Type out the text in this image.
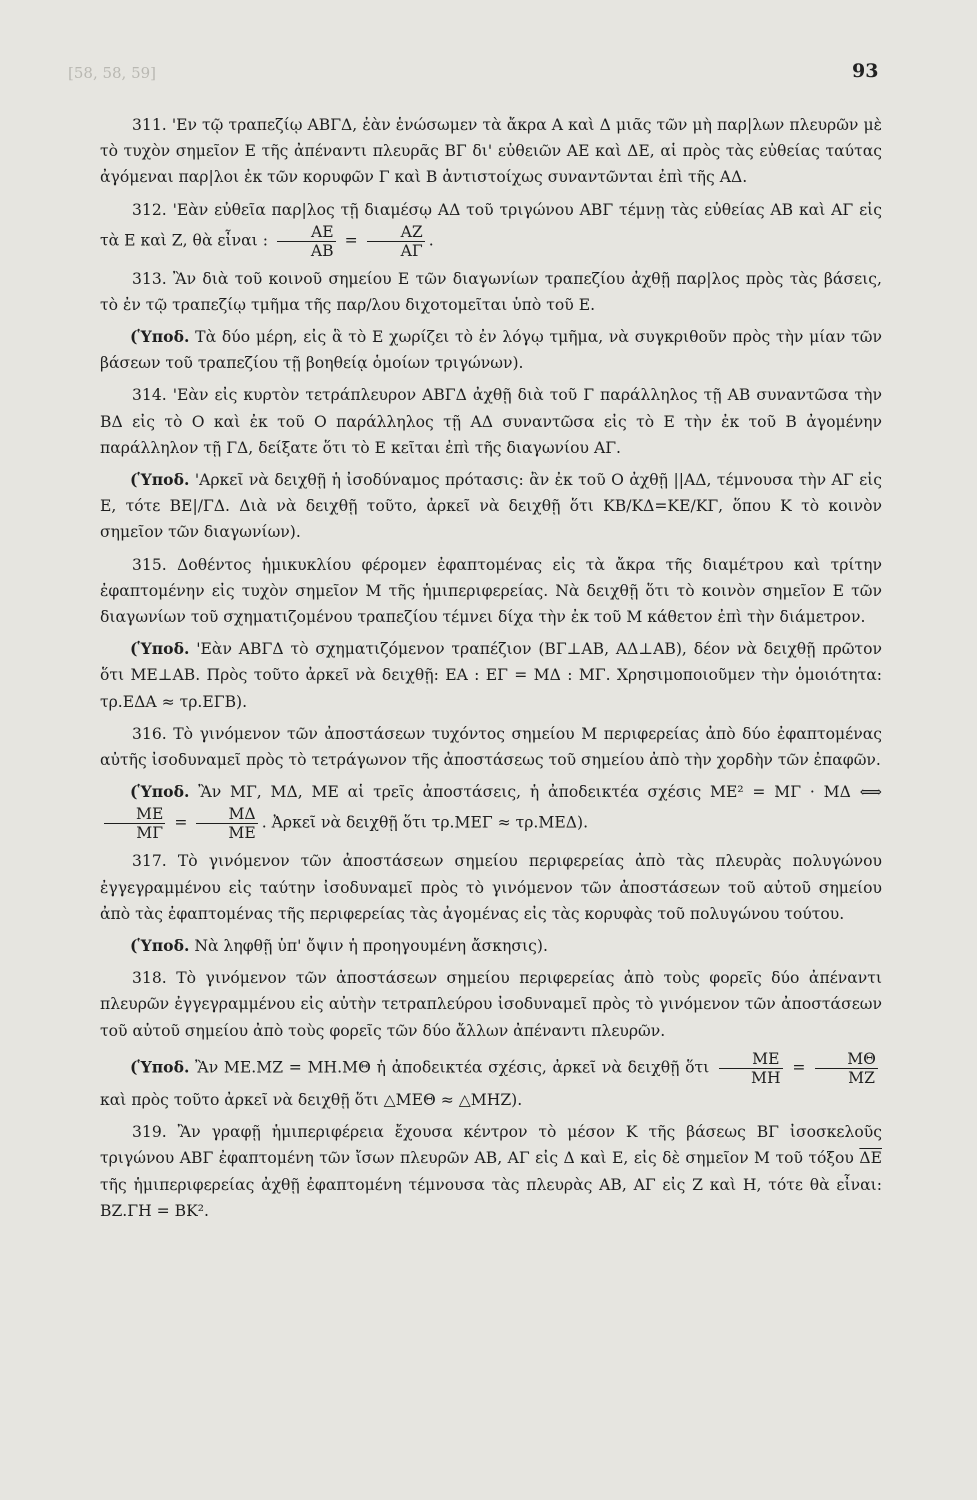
[58, 58, 59]	93

311. 'Εν τῷ τραπεζίῳ ΑΒΓΔ, ἐὰν ἑνώσωμεν τὰ ἄκρα Α καὶ Δ μιᾶς τῶν μὴ παρ|λων πλευρῶν μὲ τὸ τυχὸν σημεῖον Ε τῆς ἀπέναντι πλευρᾶς ΒΓ δι' εὐθειῶν ΑΕ καὶ ΔΕ, αἱ πρὸς τὰς εὐθείας ταύτας ἀγόμεναι παρ|λοι ἐκ τῶν κορυφῶν Γ καὶ Β ἀντιστοίχως συναντῶνται ἐπὶ τῆς ΑΔ.

312. 'Εὰν εὐθεῖα παρ|λος τῇ διαμέσῳ ΑΔ τοῦ τριγώνου ΑΒΓ τέμνῃ τὰς εὐθείας ΑΒ καὶ ΑΓ εἰς τὰ Ε καὶ Ζ, θὰ εἶναι : $\frac{AE}{AB} = \frac{AZ}{A\Gamma}$ .

313. Ἂν διὰ τοῦ κοινοῦ σημείου Ε τῶν διαγωνίων τραπεζίου ἀχθῇ παρ|λος πρὸς τὰς βάσεις, τὸ ἐν τῷ τραπεζίῳ τμῆμα τῆς παρ/λου διχοτομεῖται ὑπὸ τοῦ Ε.

(Ὑποδ. Τὰ δύο μέρη, εἰς ἃ τὸ Ε χωρίζει τὸ ἐν λόγῳ τμῆμα, νὰ συγκριθοῦν πρὸς τὴν μίαν τῶν βάσεων τοῦ τραπεζίου τῇ βοηθείᾳ ὁμοίων τριγώνων).

314. 'Εὰν εἰς κυρτὸν τετράπλευρον ΑΒΓΔ ἀχθῇ διὰ τοῦ Γ παράλληλος τῇ ΑΒ συναντῶσα τὴν ΒΔ εἰς τὸ Ο καὶ ἐκ τοῦ Ο παράλληλος τῇ ΑΔ συναντῶσα εἰς τὸ Ε τὴν ἐκ τοῦ Β ἀγομένην παράλληλον τῇ ΓΔ, δείξατε ὅτι τὸ Ε κεῖται ἐπὶ τῆς διαγωνίου ΑΓ.

(Ὑποδ. 'Αρκεῖ νὰ δειχθῇ ἡ ἰσοδύναμος πρότασις: ἂν ἐκ τοῦ Ο ἀχθῇ ||ΑΔ, τέμνουσα τὴν ΑΓ εἰς Ε, τότε ΒΕ|/ΓΔ. Διὰ νὰ δειχθῇ τοῦτο, ἀρκεῖ νὰ δειχθῇ ὅτι ΚΒ/ΚΔ=ΚΕ/ΚΓ, ὅπου Κ τὸ κοινὸν σημεῖον τῶν διαγωνίων).

315. Δοθέντος ἡμικυκλίου φέρομεν ἐφαπτομένας εἰς τὰ ἄκρα τῆς διαμέτρου καὶ τρίτην ἐφαπτομένην εἰς τυχὸν σημεῖον Μ τῆς ἡμιπεριφερείας. Νὰ δειχθῇ ὅτι τὸ κοινὸν σημεῖον Ε τῶν διαγωνίων τοῦ σχηματιζομένου τραπεζίου τέμνει δίχα τὴν ἐκ τοῦ Μ κάθετον ἐπὶ τὴν διάμετρον.

(Ὑποδ. 'Εὰν ΑΒΓΔ τὸ σχηματιζόμενον τραπέζιον (ΒΓ⊥ΑΒ, ΑΔ⊥ΑΒ), δέον νὰ δειχθῇ πρῶτον ὅτι ΜΕ⊥ΑΒ. Πρὸς τοῦτο ἀρκεῖ νὰ δειχθῇ: ΕΑ : ΕΓ = ΜΔ : ΜΓ. Χρησιμοποιοῦμεν τὴν ὁμοιότητα: τρ.ΕΔΑ ≈ τρ.ΕΓΒ).

316. Τὸ γινόμενον τῶν ἀποστάσεων τυχόντος σημείου Μ περιφερείας ἀπὸ δύο ἐφαπτομένας αὐτῆς ἰσοδυναμεῖ πρὸς τὸ τετράγωνον τῆς ἀποστάσεως τοῦ σημείου ἀπὸ τὴν χορδὴν τῶν ἐπαφῶν.

(Ὑποδ. Ἂν ΜΓ, ΜΔ, ΜΕ αἱ τρεῖς ἀποστάσεις, ἡ ἀποδεικτέα σχέσις ΜΕ² = ΜΓ · ΜΔ ⟺
$\frac{ME}{M\Gamma} = \frac{M\Delta}{ME}$ . Ἀρκεῖ νὰ δειχθῇ ὅτι τρ.ΜΕΓ ≈ τρ.ΜΕΔ).

317. Τὸ γινόμενον τῶν ἀποστάσεων σημείου περιφερείας ἀπὸ τὰς πλευρὰς πολυγώνου ἐγγεγραμμένου εἰς ταύτην ἰσοδυναμεῖ πρὸς τὸ γινόμενον τῶν ἀποστάσεων τοῦ αὐτοῦ σημείου ἀπὸ τὰς ἐφαπτομένας τῆς περιφερείας τὰς ἀγομένας εἰς τὰς κορυφὰς τοῦ πολυγώνου τούτου.

(Ὑποδ. Νὰ ληφθῇ ὑπ' ὄψιν ἡ προηγουμένη ἄσκησις).

318. Τὸ γινόμενον τῶν ἀποστάσεων σημείου περιφερείας ἀπὸ τοὺς φορεῖς δύο ἀπέναντι πλευρῶν ἐγγεγραμμένου εἰς αὐτὴν τετραπλεύρου ἰσοδυναμεῖ πρὸς τὸ γινόμενον τῶν ἀποστάσεων τοῦ αὐτοῦ σημείου ἀπὸ τοὺς φορεῖς τῶν δύο ἄλλων ἀπέναντι πλευρῶν.

(Ὑποδ. Ἂν ΜΕ.ΜΖ = ΜΗ.ΜΘ ἡ ἀποδεικτέα σχέσις, ἀρκεῖ νὰ δειχθῇ ὅτι $\frac{ME}{MH} = \frac{M\Theta}{MZ}$
καὶ πρὸς τοῦτο ἀρκεῖ νὰ δειχθῇ ὅτι △ΜΕΘ ≈ △ΜΗΖ).

319. Ἂν γραφῇ ἡμιπεριφέρεια ἔχουσα κέντρον τὸ μέσον Κ τῆς βάσεως ΒΓ ἰσοσκελοῦς τριγώνου ΑΒΓ ἐφαπτομένη τῶν ἴσων πλευρῶν ΑΒ, ΑΓ εἰς Δ καὶ Ε, εἰς δὲ σημεῖον Μ τοῦ τόξου $\overline{\Delta E}$ τῆς ἡμιπεριφερείας ἀχθῇ ἐφαπτομένη τέμνουσα τὰς πλευρὰς ΑΒ, ΑΓ εἰς Ζ καὶ Η, τότε θὰ εἶναι: ΒΖ.ΓΗ = ΒΚ².
